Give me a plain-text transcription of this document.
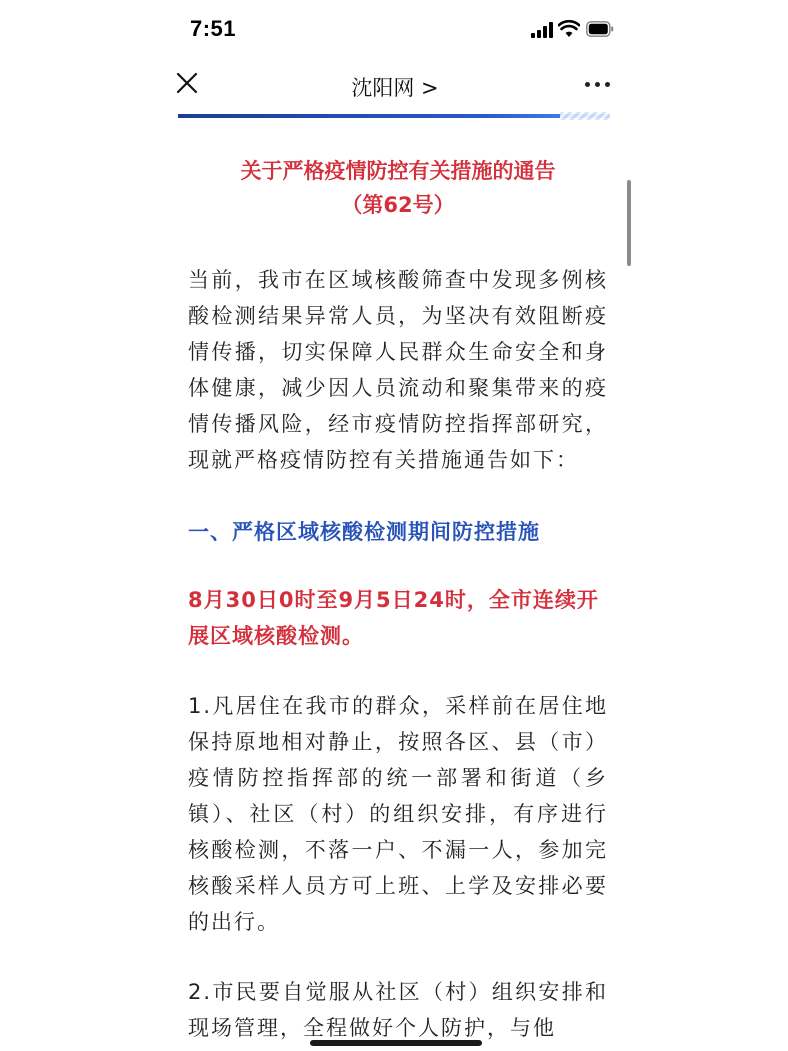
7:51
沈阳网 >
关于严格疫情防控有关措施的通告
（第62号）

当前，我市在区域核酸筛查中发现多例核酸检测结果异常人员，为坚决有效阻断疫情传播，切实保障人民群众生命安全和身体健康，减少因人员流动和聚集带来的疫情传播风险，经市疫情防控指挥部研究，现就严格疫情防控有关措施通告如下：

一、严格区域核酸检测期间防控措施
8月30日0时至9月5日24时，全市连续开展区域核酸检测。

1.凡居住在我市的群众，采样前在居住地保持原地相对静止，按照各区、县（市）疫情防控指挥部的统一部署和街道（乡镇）、社区（村）的组织安排，有序进行核酸检测，不落一户、不漏一人，参加完核酸采样人员方可上班、上学及安排必要的出行。

2.市民要自觉服从社区（村）组织安排和现场管理，全程做好个人防护，与他
